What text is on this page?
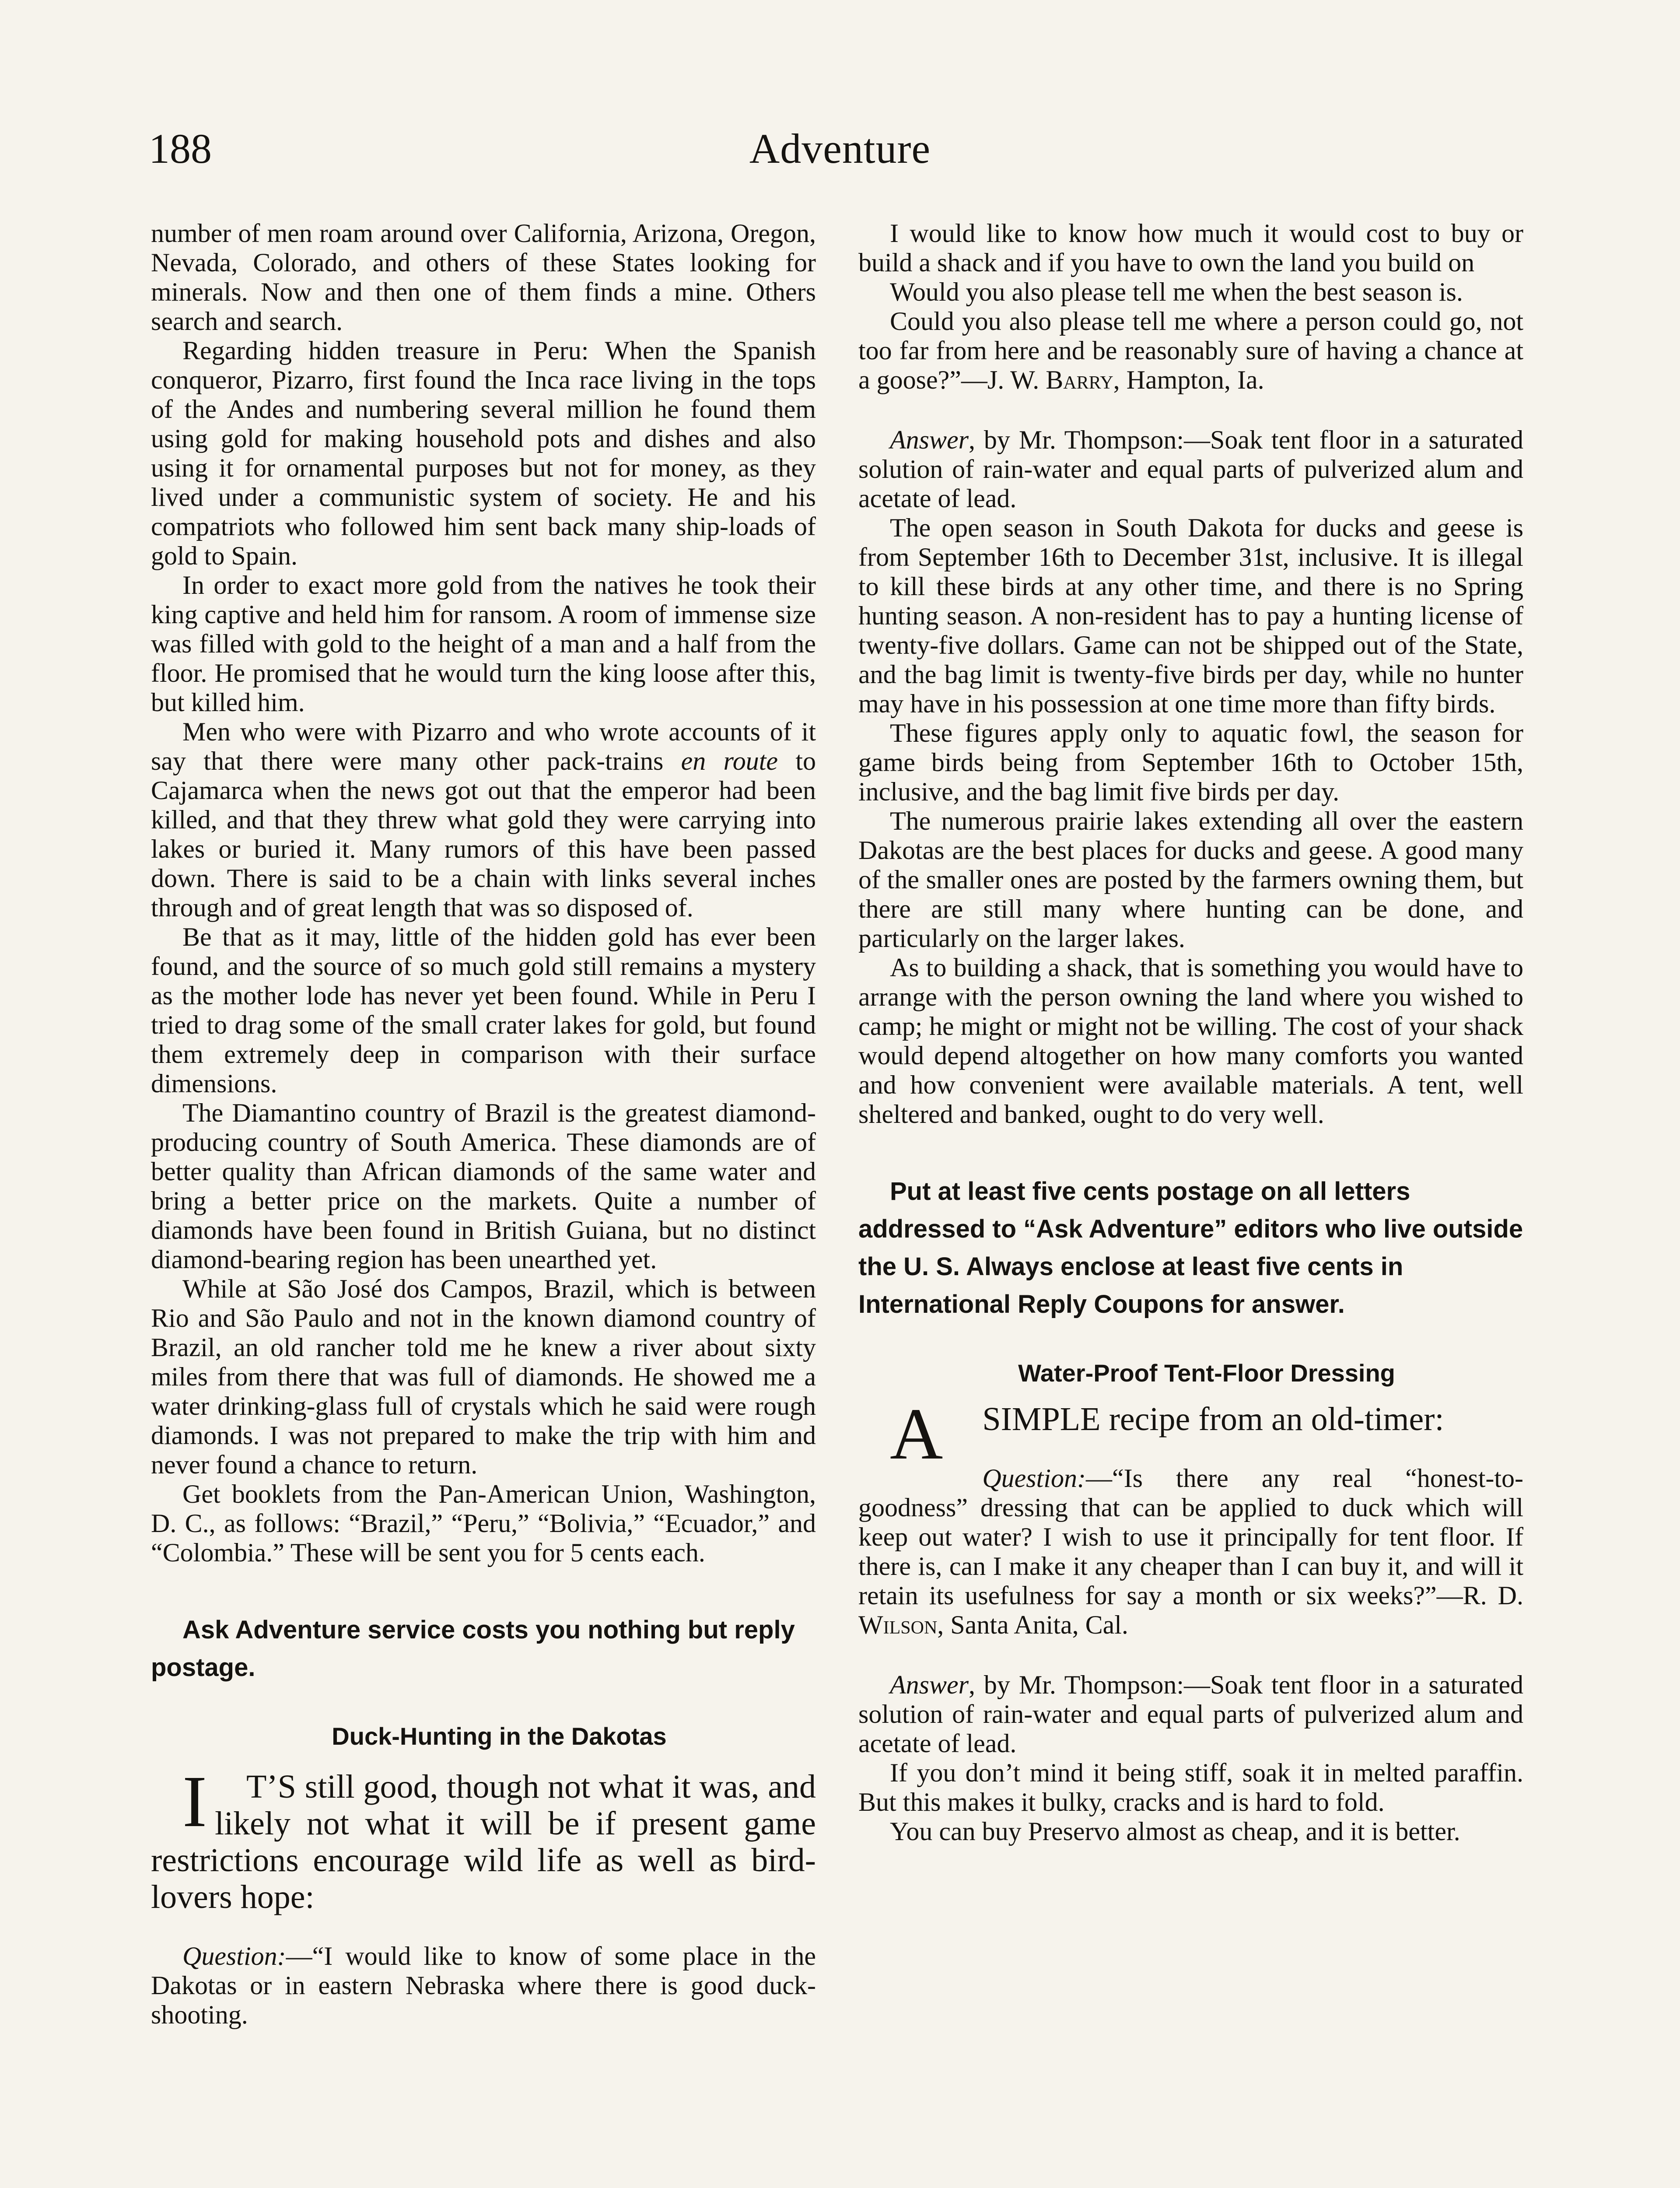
188	Adventure

number of men roam around over California, Arizona, Oregon, Nevada, Colorado, and others of these States looking for minerals. Now and then one of them finds a mine. Others search and search.

Regarding hidden treasure in Peru: When the Spanish conqueror, Pizarro, first found the Inca race living in the tops of the Andes and numbering several million he found them using gold for making household pots and dishes and also using it for ornamental purposes but not for money, as they lived under a communistic system of society. He and his compatriots who followed him sent back many ship-loads of gold to Spain.

In order to exact more gold from the natives he took their king captive and held him for ransom. A room of immense size was filled with gold to the height of a man and a half from the floor. He promised that he would turn the king loose after this, but killed him.

Men who were with Pizarro and who wrote accounts of it say that there were many other pack-trains en route to Cajamarca when the news got out that the emperor had been killed, and that they threw what gold they were carrying into lakes or buried it. Many rumors of this have been passed down. There is said to be a chain with links several inches through and of great length that was so disposed of.

Be that as it may, little of the hidden gold has ever been found, and the source of so much gold still remains a mystery as the mother lode has never yet been found. While in Peru I tried to drag some of the small crater lakes for gold, but found them extremely deep in comparison with their surface dimensions.

The Diamantino country of Brazil is the greatest diamond-producing country of South America. These diamonds are of better quality than African diamonds of the same water and bring a better price on the markets. Quite a number of diamonds have been found in British Guiana, but no distinct diamond-bearing region has been unearthed yet.

While at São José dos Campos, Brazil, which is between Rio and São Paulo and not in the known diamond country of Brazil, an old rancher told me he knew a river about sixty miles from there that was full of diamonds. He showed me a water drinking-glass full of crystals which he said were rough diamonds. I was not prepared to make the trip with him and never found a chance to return.

Get booklets from the Pan-American Union, Washington, D. C., as follows: “Brazil,” “Peru,” “Bolivia,” “Ecuador,” and “Colombia.” These will be sent you for 5 cents each.

Ask Adventure service costs you nothing but reply postage.

Duck-Hunting in the Dakotas

I T’S still good, though not what it was, and likely not what it will be if present game restrictions encourage wild life as well as bird-lovers hope:

Question:—“I would like to know of some place in the Dakotas or in eastern Nebraska where there is good duck-shooting.

I would like to know how much it would cost to buy or build a shack and if you have to own the land you build on

Would you also please tell me when the best season is.

Could you also please tell me where a person could go, not too far from here and be reasonably sure of having a chance at a goose?”—J. W. Barry, Hampton, Ia.

Answer, by Mr. Thompson:—Soak tent floor in a saturated solution of rain-water and equal parts of pulverized alum and acetate of lead.

The open season in South Dakota for ducks and geese is from September 16th to December 31st, inclusive. It is illegal to kill these birds at any other time, and there is no Spring hunting season. A non-resident has to pay a hunting license of twenty-five dollars. Game can not be shipped out of the State, and the bag limit is twenty-five birds per day, while no hunter may have in his possession at one time more than fifty birds.

These figures apply only to aquatic fowl, the season for game birds being from September 16th to October 15th, inclusive, and the bag limit five birds per day.

The numerous prairie lakes extending all over the eastern Dakotas are the best places for ducks and geese. A good many of the smaller ones are posted by the farmers owning them, but there are still many where hunting can be done, and particularly on the larger lakes.

As to building a shack, that is something you would have to arrange with the person owning the land where you wished to camp; he might or might not be willing. The cost of your shack would depend altogether on how many comforts you wanted and how convenient were available materials. A tent, well sheltered and banked, ought to do very well.

Put at least five cents postage on all letters addressed to “Ask Adventure” editors who live outside the U. S. Always enclose at least five cents in International Reply Coupons for answer.

Water-Proof Tent-Floor Dressing

A SIMPLE recipe from an old-timer:

Question:—“Is there any real “honest-to-goodness” dressing that can be applied to duck which will keep out water? I wish to use it principally for tent floor. If there is, can I make it any cheaper than I can buy it, and will it retain its usefulness for say a month or six weeks?”—R. D. Wilson, Santa Anita, Cal.

Answer, by Mr. Thompson:—Soak tent floor in a saturated solution of rain-water and equal parts of pulverized alum and acetate of lead.

If you don’t mind it being stiff, soak it in melted paraffin. But this makes it bulky, cracks and is hard to fold.

You can buy Preservo almost as cheap, and it is better.
